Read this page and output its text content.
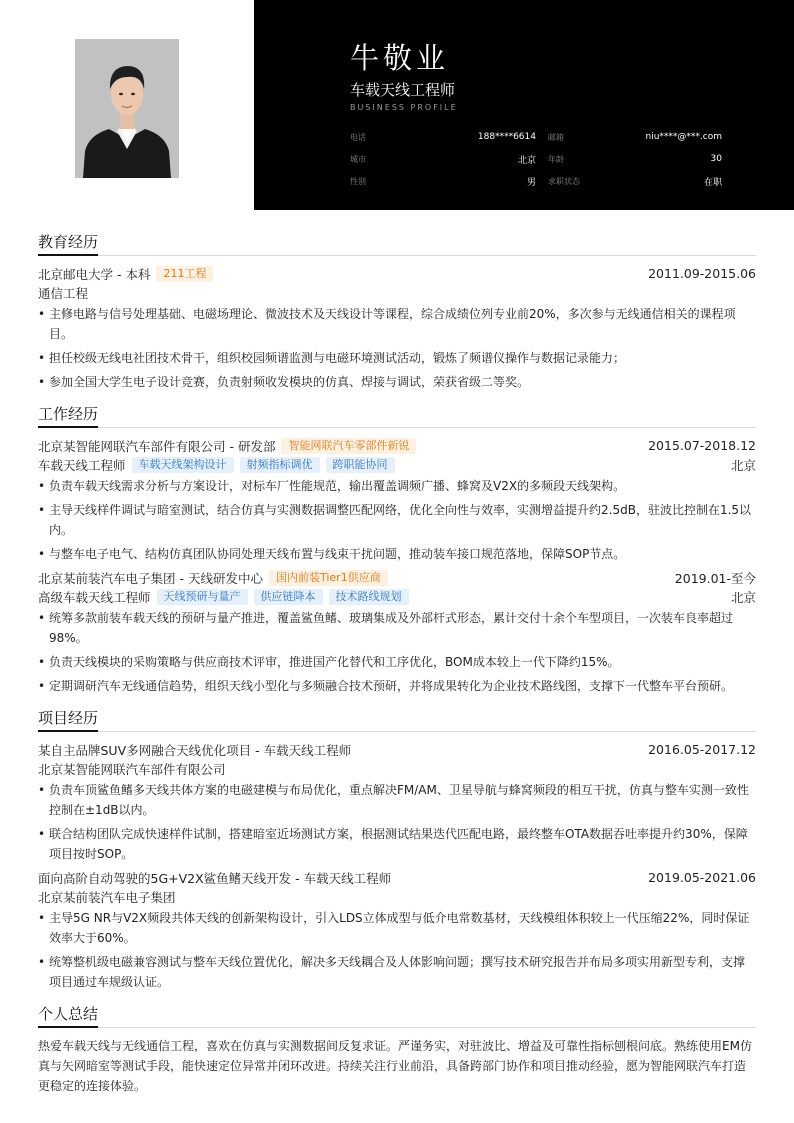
牛敬业
车载天线工程师
BUSINESS PROFILE
电话	188****6614 邮箱	niu****@***.com
城市	北京 年龄	30
性别	男 求职状态	在职
教育经历
北京邮电大学 - 本科	211工程	2011.09-2015.06
通信工程
• 主修电路与信号处理基础、电磁场理论、微波技术及天线设计等课程，综合成绩位列专业前20%，多次参与无线通信相关的课程项目。
• 担任校级无线电社团技术骨干，组织校园频谱监测与电磁环境测试活动，锻炼了频谱仪操作与数据记录能力；
• 参加全国大学生电子设计竞赛，负责射频收发模块的仿真、焊接与调试，荣获省级二等奖。
工作经历
北京某智能网联汽车部件有限公司 - 研发部	智能网联汽车零部件新锐	2015.07-2018.12
车载天线工程师	车载天线架构设计	射频指标调优	跨职能协同	北京
• 负责车载天线需求分析与方案设计，对标车厂性能规范，输出覆盖调频广播、蜂窝及V2X的多频段天线架构。
• 主导天线样件调试与暗室测试，结合仿真与实测数据调整匹配网络，优化全向性与效率，实测增益提升约2.5dB，驻波比控制在1.5以内。
• 与整车电子电气、结构仿真团队协同处理天线布置与线束干扰问题，推动装车接口规范落地，保障SOP节点。
北京某前装汽车电子集团 - 天线研发中心	国内前装Tier1供应商	2019.01-至今
高级车载天线工程师	天线预研与量产	供应链降本	技术路线规划	北京
• 统筹多款前装车载天线的预研与量产推进，覆盖鲨鱼鳍、玻璃集成及外部杆式形态，累计交付十余个车型项目，一次装车良率超过98%。
• 负责天线模块的采购策略与供应商技术评审，推进国产化替代和工序优化，BOM成本较上一代下降约15%。
• 定期调研汽车无线通信趋势，组织天线小型化与多频融合技术预研，并将成果转化为企业技术路线图，支撑下一代整车平台预研。
项目经历
某自主品牌SUV多网融合天线优化项目 - 车载天线工程师	2016.05-2017.12
北京某智能网联汽车部件有限公司
• 负责车顶鲨鱼鳍多天线共体方案的电磁建模与布局优化，重点解决FM/AM、卫星导航与蜂窝频段的相互干扰，仿真与整车实测一致性控制在±1dB以内。
• 联合结构团队完成快速样件试制，搭建暗室近场测试方案，根据测试结果迭代匹配电路，最终整车OTA数据吞吐率提升约30%，保障项目按时SOP。
面向高阶自动驾驶的5G+V2X鲨鱼鳍天线开发 - 车载天线工程师	2019.05-2021.06
北京某前装汽车电子集团
• 主导5G NR与V2X频段共体天线的创新架构设计，引入LDS立体成型与低介电常数基材，天线模组体积较上一代压缩22%，同时保证效率大于60%。
• 统筹整机级电磁兼容测试与整车天线位置优化，解决多天线耦合及人体影响问题；撰写技术研究报告并布局多项实用新型专利，支撑项目通过车规级认证。
个人总结

热爱车载天线与无线通信工程，喜欢在仿真与实测数据间反复求证。严谨务实，对驻波比、增益及可靠性指标刨根问底。熟练使用EM仿真与矢网暗室等测试手段，能快速定位异常并闭环改进。持续关注行业前沿，具备跨部门协作和项目推动经验，愿为智能网联汽车打造更稳定的连接体验。
